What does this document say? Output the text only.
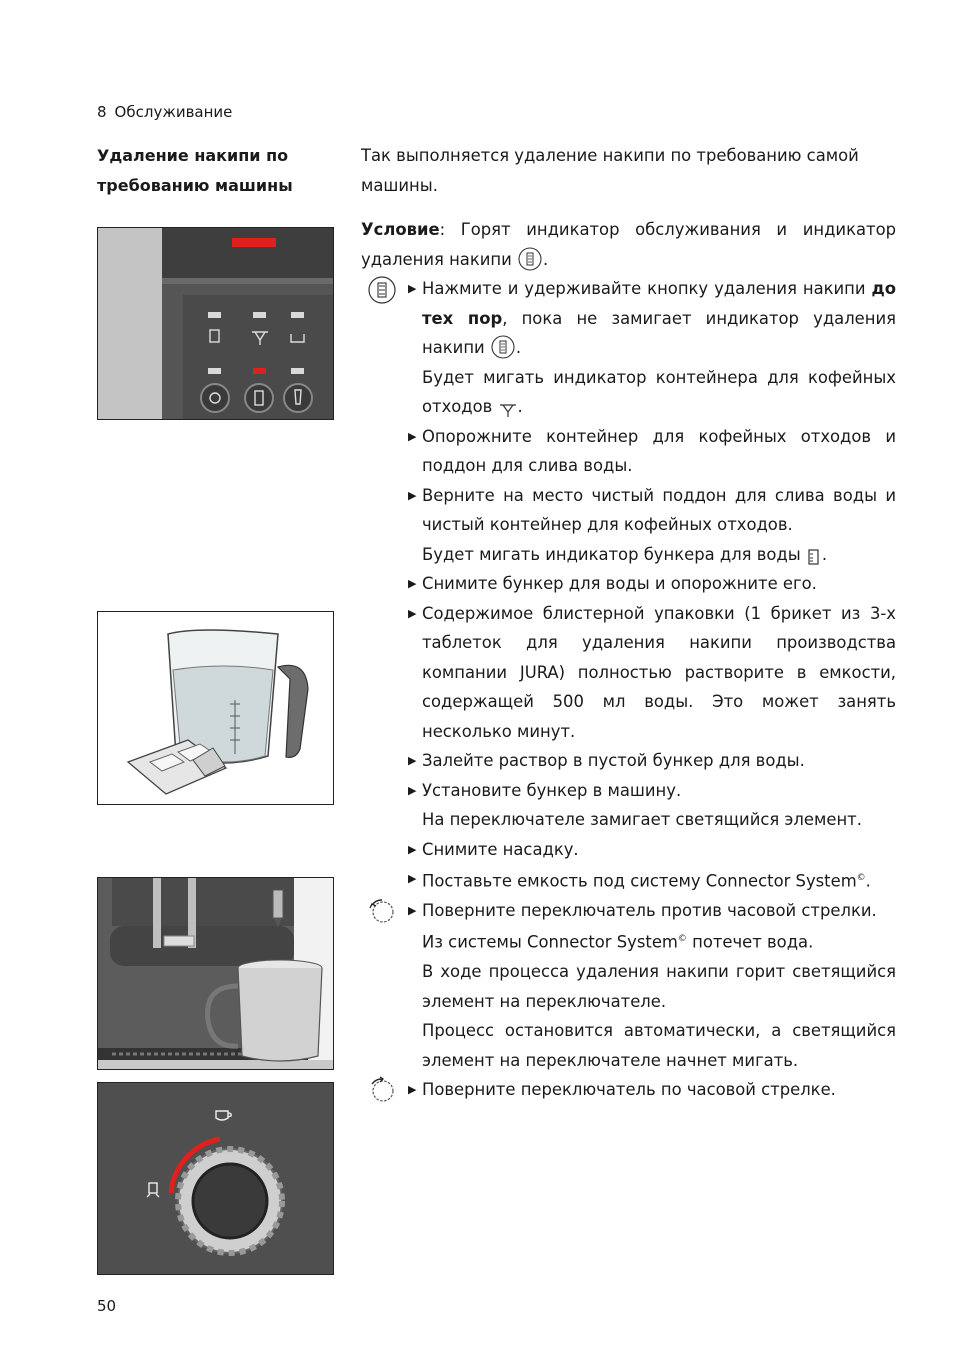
8 Обслуживание
Удаление накипи по
требованию машины

Так выполняется удаление накипи по требованию самой машины.

Условие: Горят индикатор обслуживания и индикатор удаления накипи .

▶ Нажмите и удерживайте кнопку удаления накипи до тех пор, пока не замигает индикатор удаления накипи .

Будет мигать индикатор контейнера для кофейных отходов .

▶ Опорожните контейнер для кофейных отходов и поддон для слива воды.

▶ Верните на место чистый поддон для слива воды и чистый контейнер для кофейных отходов.

Будет мигать индикатор бункера для воды .

▶ Снимите бункер для воды и опорожните его.

▶ Содержимое блистерной упаковки (1 брикет из 3-х таблеток для удаления накипи производства компании JURA) полностью растворите в емкости, содержащей 500 мл воды. Это может занять несколько минут.

▶ Залейте раствор в пустой бункер для воды.

▶ Установите бункер в машину.

На переключателе замигает светящийся элемент.

▶ Снимите насадку.

▶ Поставьте емкость под систему Connector System©.

▶ Поверните переключатель против часовой стрелки.

Из системы Connector System© потечет вода.

В ходе процесса удаления накипи горит светящийся элемент на переключателе.

Процесс остановится автоматически, а светящийся элемент на переключателе начнет мигать.

▶ Поверните переключатель по часовой стрелке.

50
